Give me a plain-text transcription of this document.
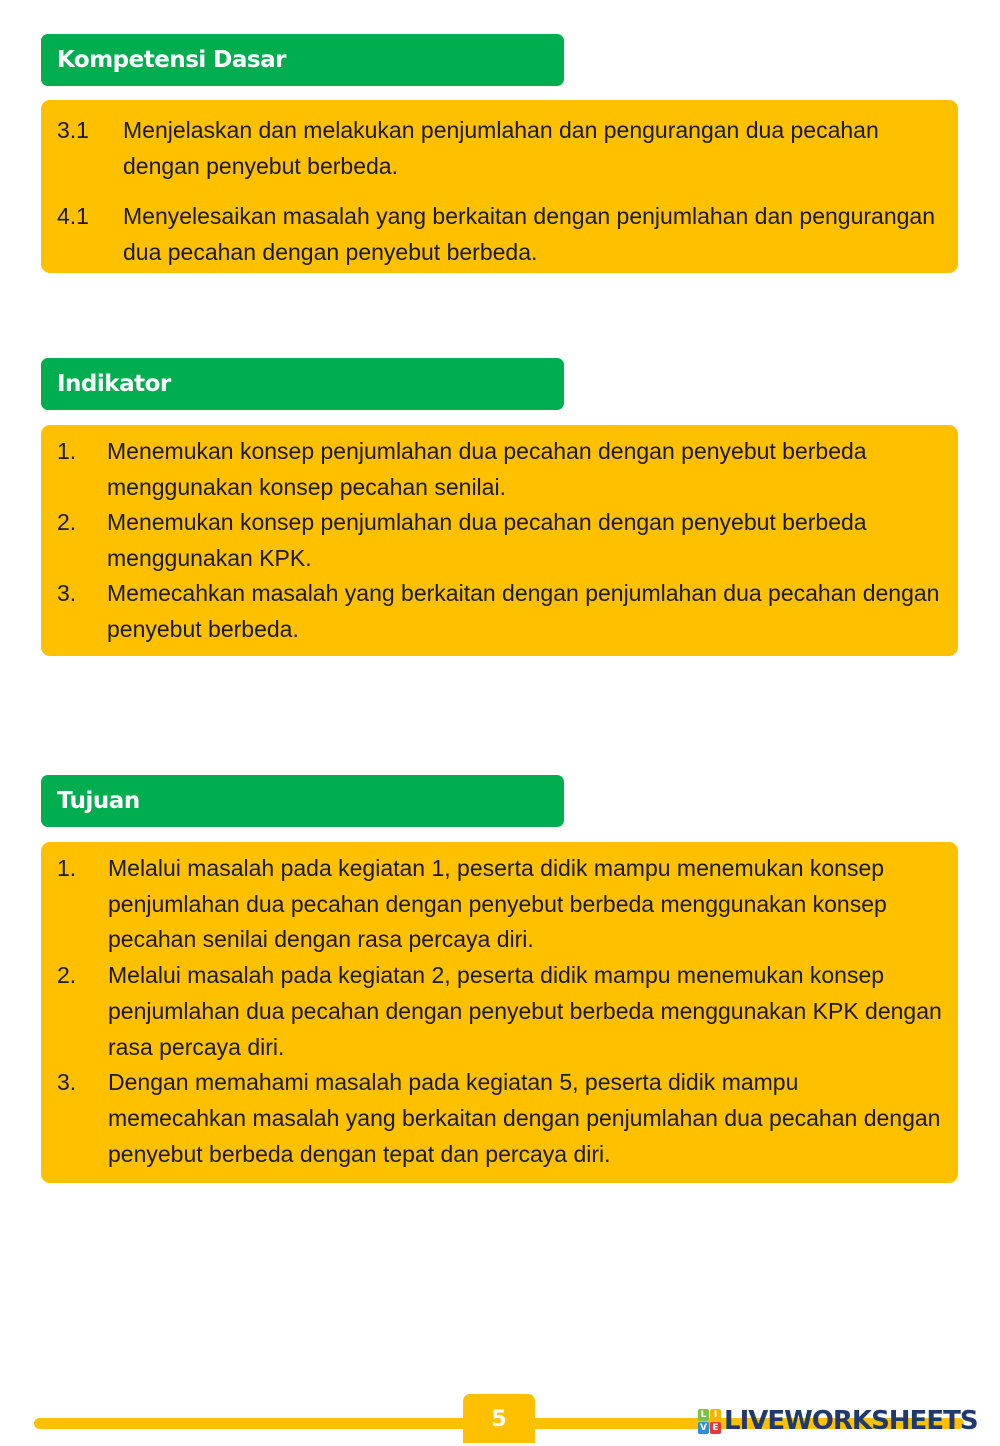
Kompetensi Dasar
3.1	Menjelaskan dan melakukan penjumlahan dan pengurangan dua pecahan dengan penyebut berbeda.
4.1	Menyelesaikan masalah yang berkaitan dengan penjumlahan dan pengurangan dua pecahan dengan penyebut berbeda.
Indikator
1.	Menemukan konsep penjumlahan dua pecahan dengan penyebut berbeda menggunakan konsep pecahan senilai.
2.	Menemukan konsep penjumlahan dua pecahan dengan penyebut berbeda menggunakan KPK.
3.	Memecahkan masalah yang berkaitan dengan penjumlahan dua pecahan dengan penyebut berbeda.
Tujuan
1.	Melalui masalah pada kegiatan 1, peserta didik mampu menemukan konsep penjumlahan dua pecahan dengan penyebut berbeda menggunakan konsep pecahan senilai dengan rasa percaya diri.
2.	Melalui masalah pada kegiatan 2, peserta didik mampu menemukan konsep penjumlahan dua pecahan dengan penyebut berbeda menggunakan KPK dengan rasa percaya diri.
3.	Dengan memahami masalah pada kegiatan 5, peserta didik mampu memecahkan masalah yang berkaitan dengan penjumlahan dua pecahan dengan penyebut berbeda dengan tepat dan percaya diri.
5	L I
V E LIVEWORKSHEETS
